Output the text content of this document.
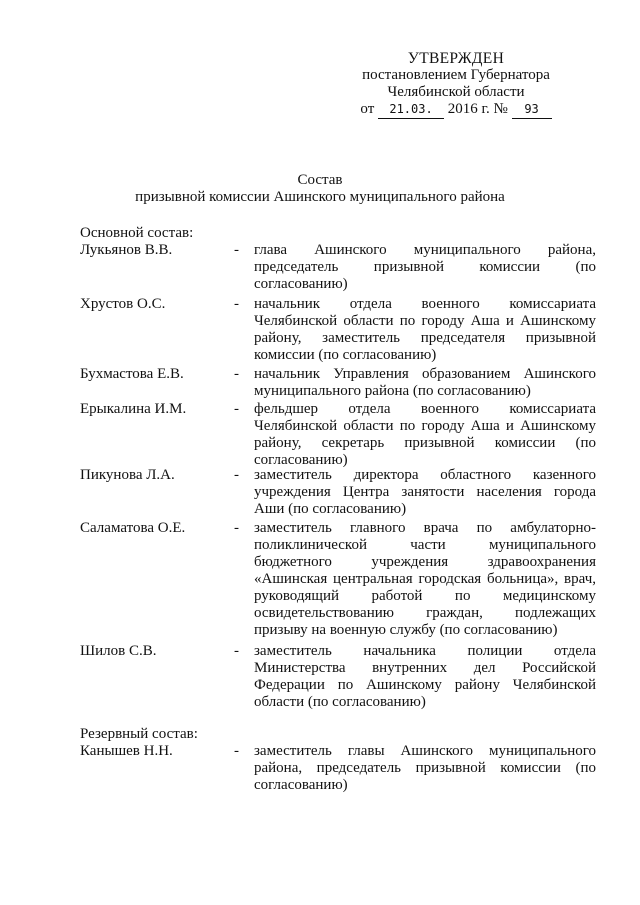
УТВЕРЖДЕН
постановлением Губернатора
Челябинской области
от 21.03. 2016 г. № 93
Состав
призывной комиссии Ашинского муниципального района
Основной состав:
Лукьянов В.В.	- глава Ашинского муниципального района, председатель призывной комиссии (по согласованию)
Хрустов О.С.	- начальник отдела военного комиссариата Челябинской области по городу Аша и Ашинскому району, заместитель председателя призывной комиссии (по согласованию)
Бухмастова Е.В.	- начальник Управления образованием Ашинского муниципального района (по согласованию)
Ерыкалина И.М.	- фельдшер отдела военного комиссариата Челябинской области по городу Аша и Ашинскому району, секретарь призывной комиссии (по согласованию)
Пикунова Л.А.	- заместитель директора областного казенного учреждения Центра занятости населения города Аши (по согласованию)
Саламатова О.Е.	- заместитель главного врача по амбулаторно-поликлинической части муниципального бюджетного учреждения здравоохранения «Ашинская центральная городская больница», врач, руководящий работой по медицинскому освидетельствованию граждан, подлежащих призыву на военную службу (по согласованию)
Шилов С.В.	- заместитель начальника полиции отдела Министерства внутренних дел Российской Федерации по Ашинскому району Челябинской области (по согласованию)
Резервный состав:
Канышев Н.Н.	- заместитель главы Ашинского муниципального района, председатель призывной комиссии (по согласованию)
